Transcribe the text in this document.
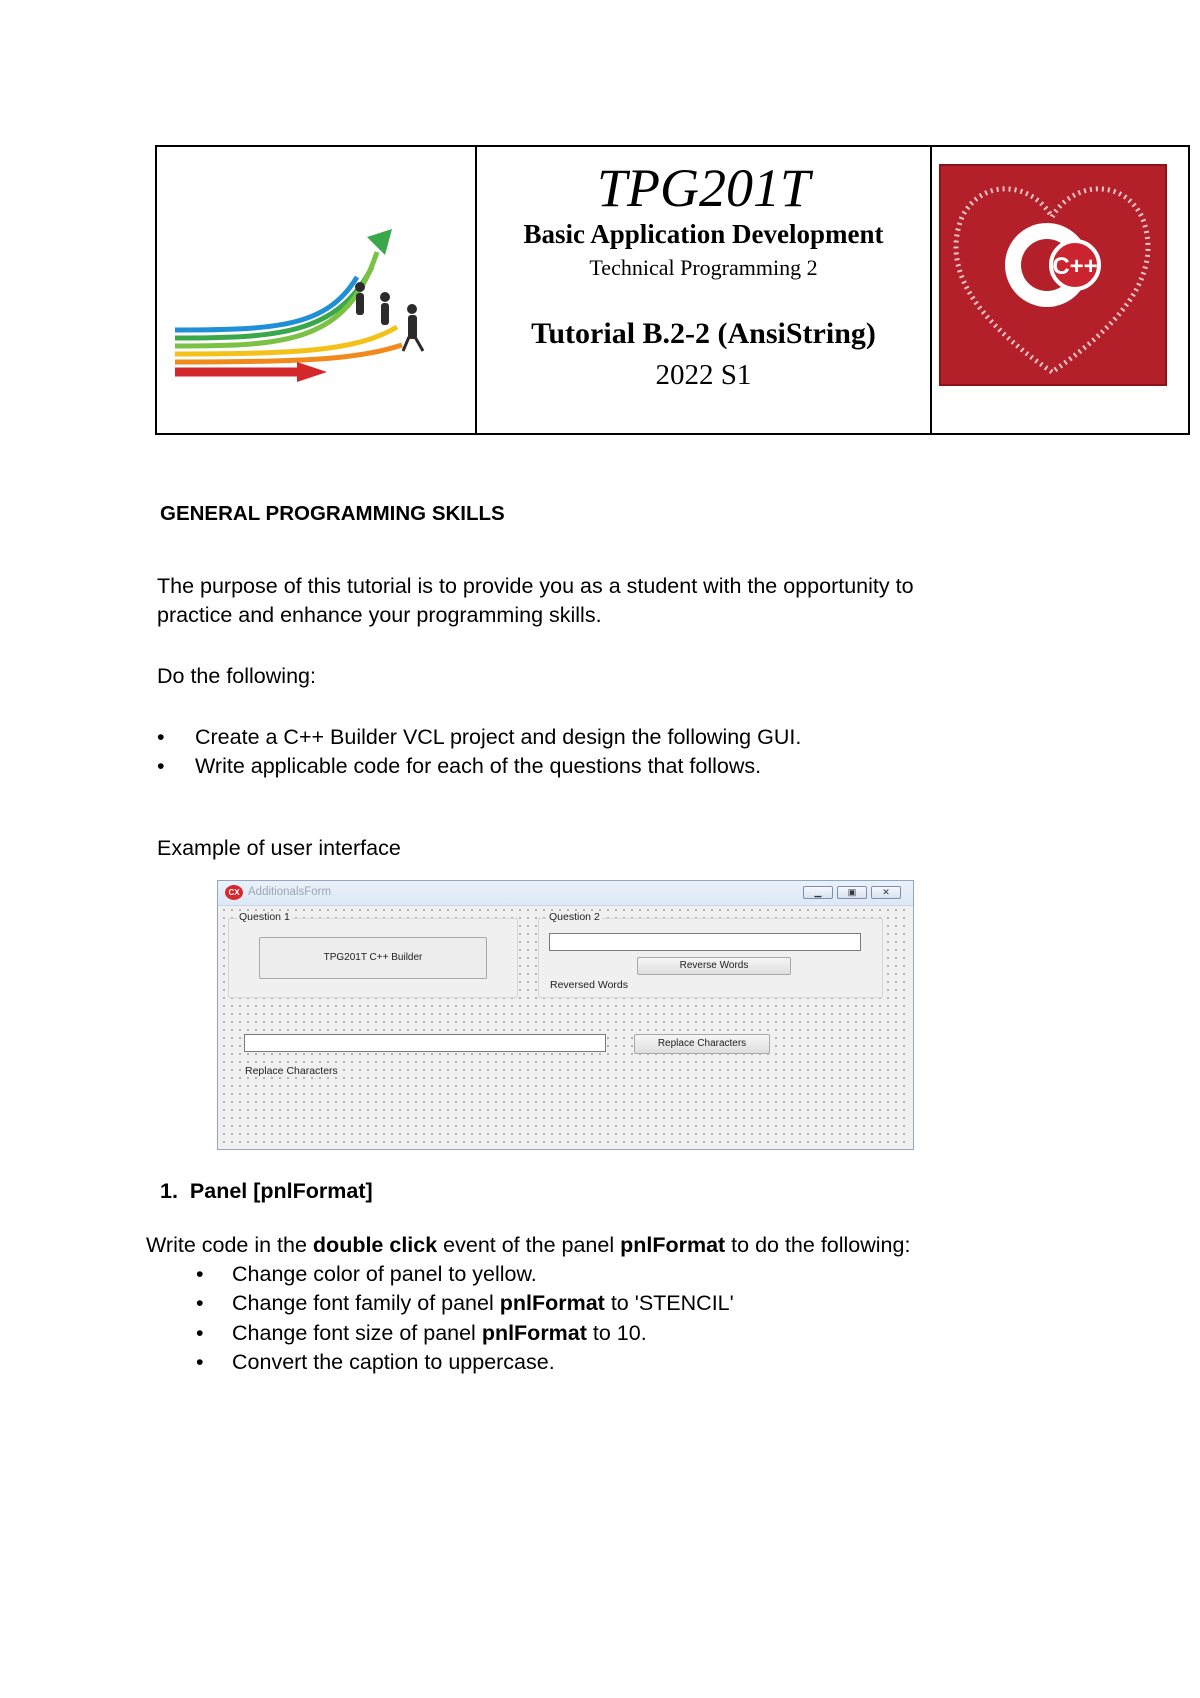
TPG201T
Basic Application Development
Technical Programming 2
Tutorial B.2-2 (AnsiString)
2022 S1
C++
GENERAL PROGRAMMING SKILLS
The purpose of this tutorial is to provide you as a student with the opportunity to
practice and enhance your programming skills.
Do the following:
• Create a C++ Builder VCL project and design the following GUI.
• Write applicable code for each of the questions that follows.
Example of user interface
CX AdditionalsForm	▁	▣	✕
Question 1
TPG201T C++ Builder
Question 2
Reverse Words
Reversed Words
Replace Characters
Replace Characters
1. Panel [pnlFormat]
Write code in the double click event of the panel pnlFormat to do the following:
• Change color of panel to yellow.
• Change font family of panel pnlFormat to 'STENCIL'
• Change font size of panel pnlFormat to 10.
• Convert the caption to uppercase.
